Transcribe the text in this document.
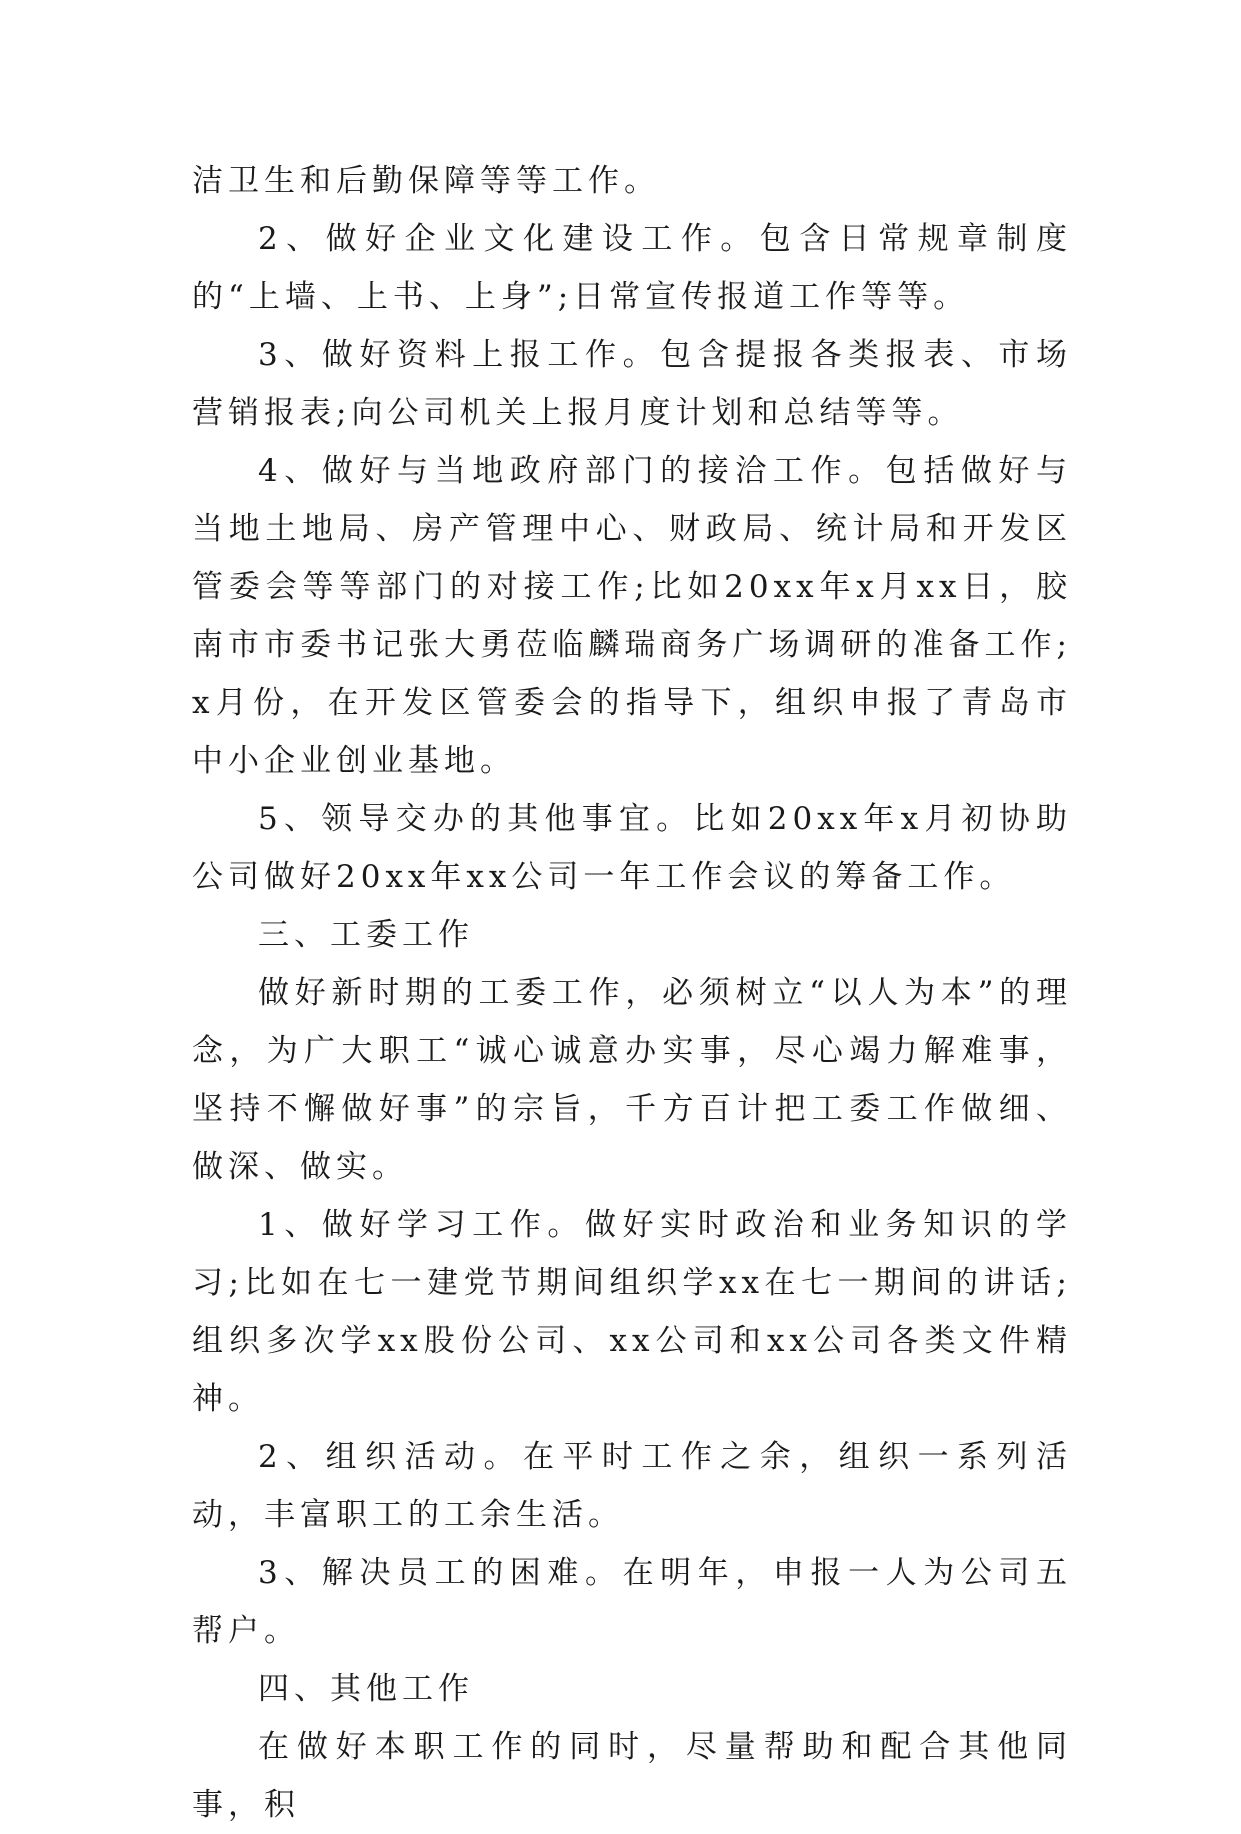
洁卫生和后勤保障等等工作。

2、做好企业文化建设工作。包含日常规章制度的“上墙、上书、上身”;日常宣传报道工作等等。

3、做好资料上报工作。包含提报各类报表、市场营销报表;向公司机关上报月度计划和总结等等。

4、做好与当地政府部门的接洽工作。包括做好与当地土地局、房产管理中心、财政局、统计局和开发区管委会等等部门的对接工作;比如20xx年x月xx日，胶南市市委书记张大勇莅临麟瑞商务广场调研的准备工作;x月份，在开发区管委会的指导下，组织申报了青岛市中小企业创业基地。

5、领导交办的其他事宜。比如20xx年x月初协助公司做好20xx年xx公司一年工作会议的筹备工作。

三、工委工作

做好新时期的工委工作，必须树立“以人为本”的理念，为广大职工“诚心诚意办实事，尽心竭力解难事，坚持不懈做好事”的宗旨，千方百计把工委工作做细、做深、做实。

1、做好学习工作。做好实时政治和业务知识的学习;比如在七一建党节期间组织学xx在七一期间的讲话;组织多次学xx股份公司、xx公司和xx公司各类文件精神。

2、组织活动。在平时工作之余，组织一系列活动，丰富职工的工余生活。

3、解决员工的困难。在明年，申报一人为公司五帮户。

四、其他工作

在做好本职工作的同时，尽量帮助和配合其他同事，积
